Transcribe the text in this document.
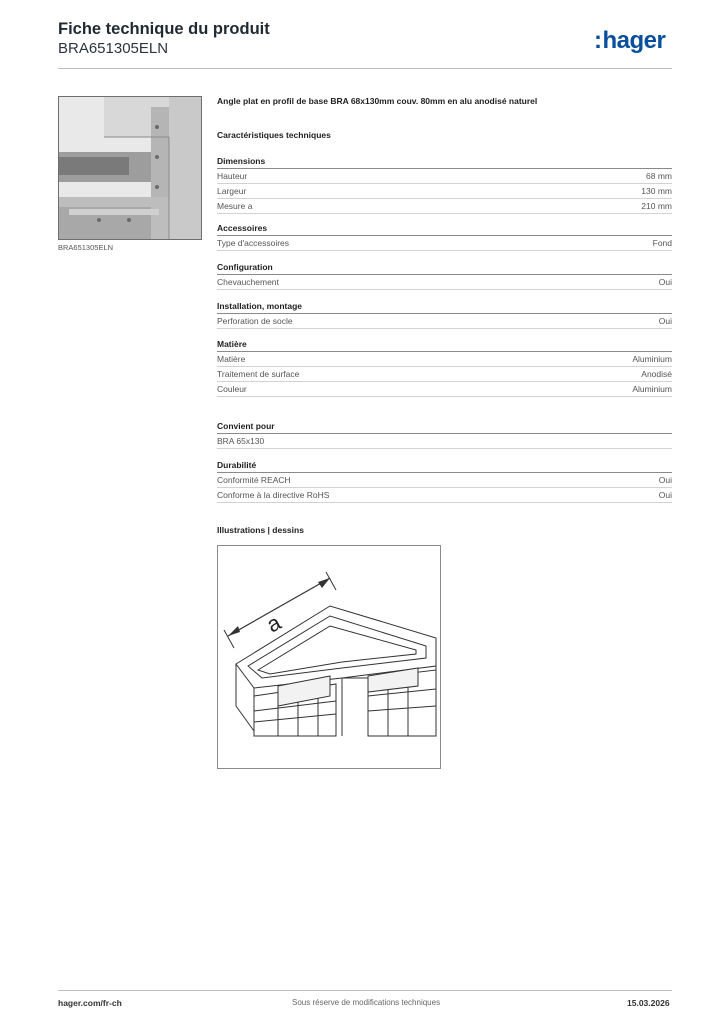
Fiche technique du produit
BRA651305ELN	:hager
BRA651305ELN
Angle plat en profil de base BRA 68x130mm couv. 80mm en alu anodisé naturel
Caractéristiques techniques
Dimensions
Hauteur	68 mm
Largeur	130 mm
Mesure a	210 mm
Accessoires
Type d'accessoires	Fond
Configuration
Chevauchement	Oui
Installation, montage
Perforation de socle	Oui
Matière
Matière	Aluminium
Traitement de surface	Anodisé
Couleur	Aluminium
Convient pour
BRA 65x130
Durabilité
Conformité REACH	Oui
Conforme à la directive RoHS	Oui
Illustrations | dessins
a
hager.com/fr-ch	Sous réserve de modifications techniques	15.03.2026
